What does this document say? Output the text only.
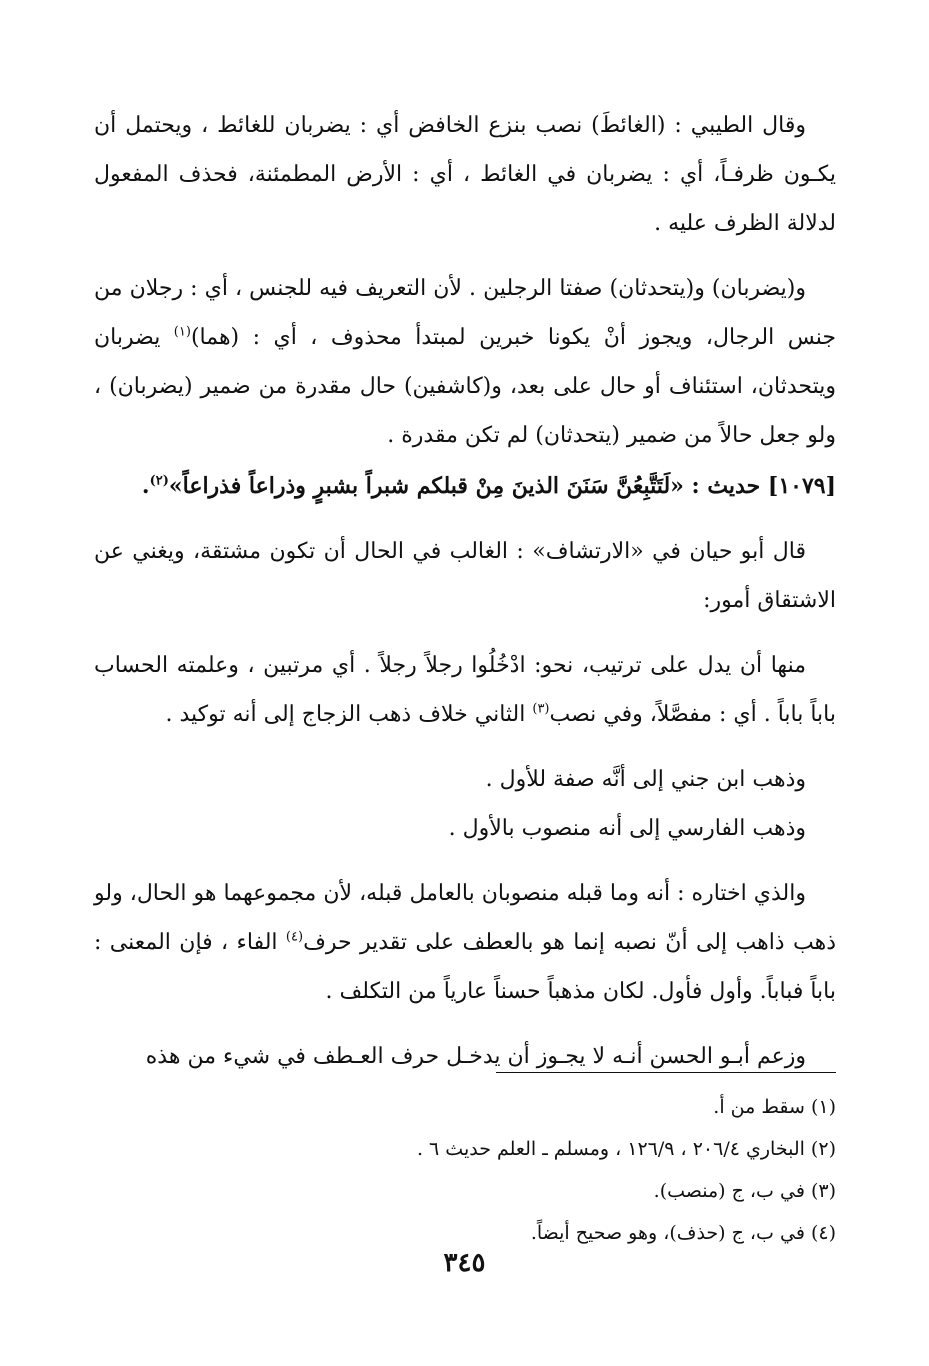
وقال الطيبي : (الغائطَ) نصب بنزع الخافض أي : يضربان للغائط ، ويحتمل أن يكـون ظرفـاً، أي : يضربان في الغائط ، أي : الأرض المطمئنة، فحذف المفعول لدلالة الظرف عليه .

و(يضربان) و(يتحدثان) صفتا الرجلين . لأن التعريف فيه للجنس ، أي : رجلان من جنس الرجال، ويجوز أنْ يكونا خبرين لمبتدأ محذوف ، أي : (هما)$^{(١)}$ يضربان ويتحدثان، استئناف أو حال على بعد، و(كاشفين) حال مقدرة من ضمير (يضربان) ، ولو جعل حالاً من ضمير (يتحدثان) لم تكن مقدرة .

[١٠٧٩] حديث : «لَتَتَّبِعُنَّ سَنَنَ الذينَ مِنْ قبلكم شبراً بشبرٍ وذراعاً فذراعاً»$^{(٢)}$.

قال أبو حيان في «الارتشاف» : الغالب في الحال أن تكون مشتقة، ويغني عن الاشتقاق أمور:

منها أن يدل على ترتيب، نحو: ادْخُلُوا رجلاً رجلاً . أي مرتبين ، وعلمته الحساب باباً باباً . أي : مفصَّلاً، وفي نصب$^{(٣)}$ الثاني خلاف ذهب الزجاج إلى أنه توكيد .

وذهب ابن جني إلى أنَّه صفة للأول .

وذهب الفارسي إلى أنه منصوب بالأول .

والذي اختاره : أنه وما قبله منصوبان بالعامل قبله، لأن مجموعهما هو الحال، ولو ذهب ذاهب إلى أنّ نصبه إنما هو بالعطف على تقدير حرف$^{(٤)}$ الفاء ، فإن المعنى : باباً فباباً. وأول فأول. لكان مذهباً حسناً عارياً من التكلف .

وزعم أبـو الحسن أنـه لا يجـوز أن يدخـل حرف العـطف في شيء من هذه

(١) سقط من أ.

(٢) البخاري ٢٠٦/٤ ، ١٢٦/٩ ، ومسلم ـ العلم حديث ٦ .

(٣) في ب، ج (منصب).

(٤) في ب، ج (حذف)، وهو صحيح أيضاً.

٣٤٥
